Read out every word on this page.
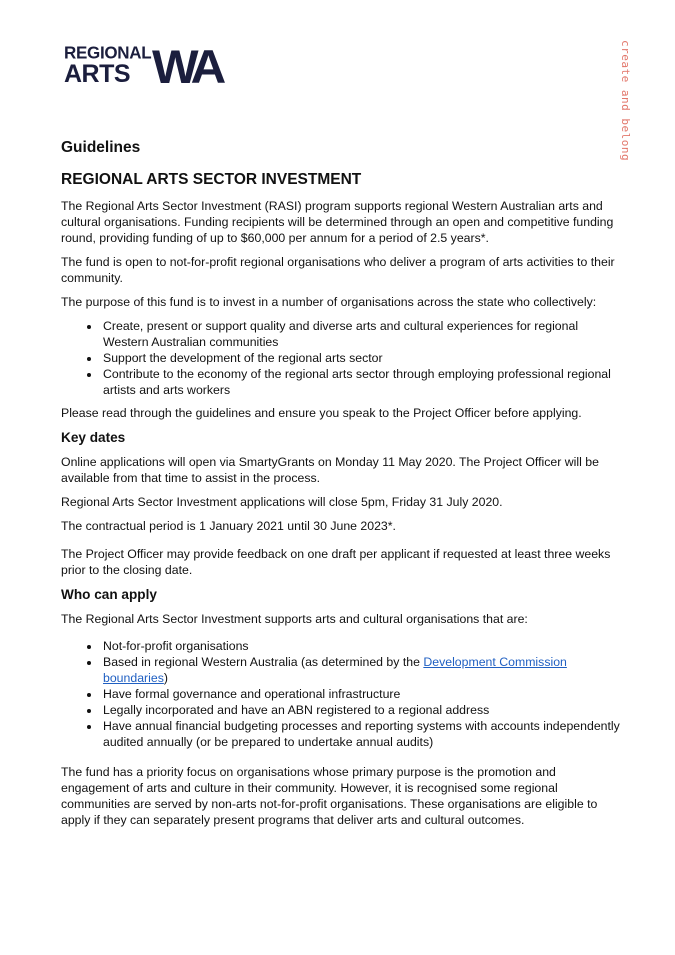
REGIONAL
ARTS WA	create and belong
Guidelines
REGIONAL ARTS SECTOR INVESTMENT

The Regional Arts Sector Investment (RASI) program supports regional Western Australian arts and cultural organisations. Funding recipients will be determined through an open and competitive funding round, providing funding of up to $60,000 per annum for a period of 2.5 years*.

The fund is open to not-for-profit regional organisations who deliver a program of arts activities to their community.

The purpose of this fund is to invest in a number of organisations across the state who collectively:

• Create, present or support quality and diverse arts and cultural experiences for regional Western Australian communities
• Support the development of the regional arts sector
• Contribute to the economy of the regional arts sector through employing professional regional artists and arts workers

Please read through the guidelines and ensure you speak to the Project Officer before applying.

Key dates

Online applications will open via SmartyGrants on Monday 11 May 2020. The Project Officer will be available from that time to assist in the process.

Regional Arts Sector Investment applications will close 5pm, Friday 31 July 2020.

The contractual period is 1 January 2021 until 30 June 2023*.

The Project Officer may provide feedback on one draft per applicant if requested at least three weeks prior to the closing date.

Who can apply

The Regional Arts Sector Investment supports arts and cultural organisations that are:

• Not-for-profit organisations
• Based in regional Western Australia (as determined by the Development Commission boundaries)
• Have formal governance and operational infrastructure
• Legally incorporated and have an ABN registered to a regional address
• Have annual financial budgeting processes and reporting systems with accounts independently audited annually (or be prepared to undertake annual audits)

The fund has a priority focus on organisations whose primary purpose is the promotion and engagement of arts and culture in their community. However, it is recognised some regional communities are served by non-arts not-for-profit organisations. These organisations are eligible to apply if they can separately present programs that deliver arts and cultural outcomes.
